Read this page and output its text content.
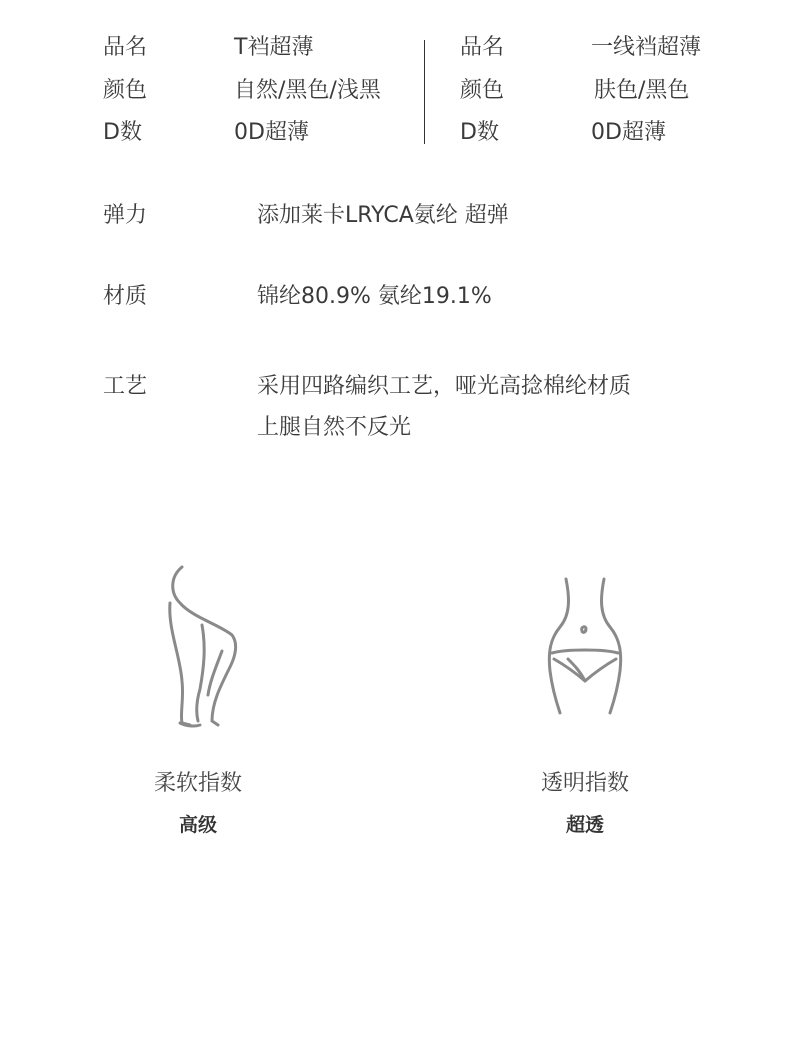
品名	T裆超薄
颜色	自然/黑色/浅黑
D数	0D超薄
品名	一线裆超薄
颜色	肤色/黑色
D数	0D超薄
弹力	添加莱卡LRYCA氨纶 超弹
材质	锦纶80.9% 氨纶19.1%
工艺	采用四路编织工艺，哑光高捻棉纶材质
上腿自然不反光
柔软指数
高级
透明指数
超透
